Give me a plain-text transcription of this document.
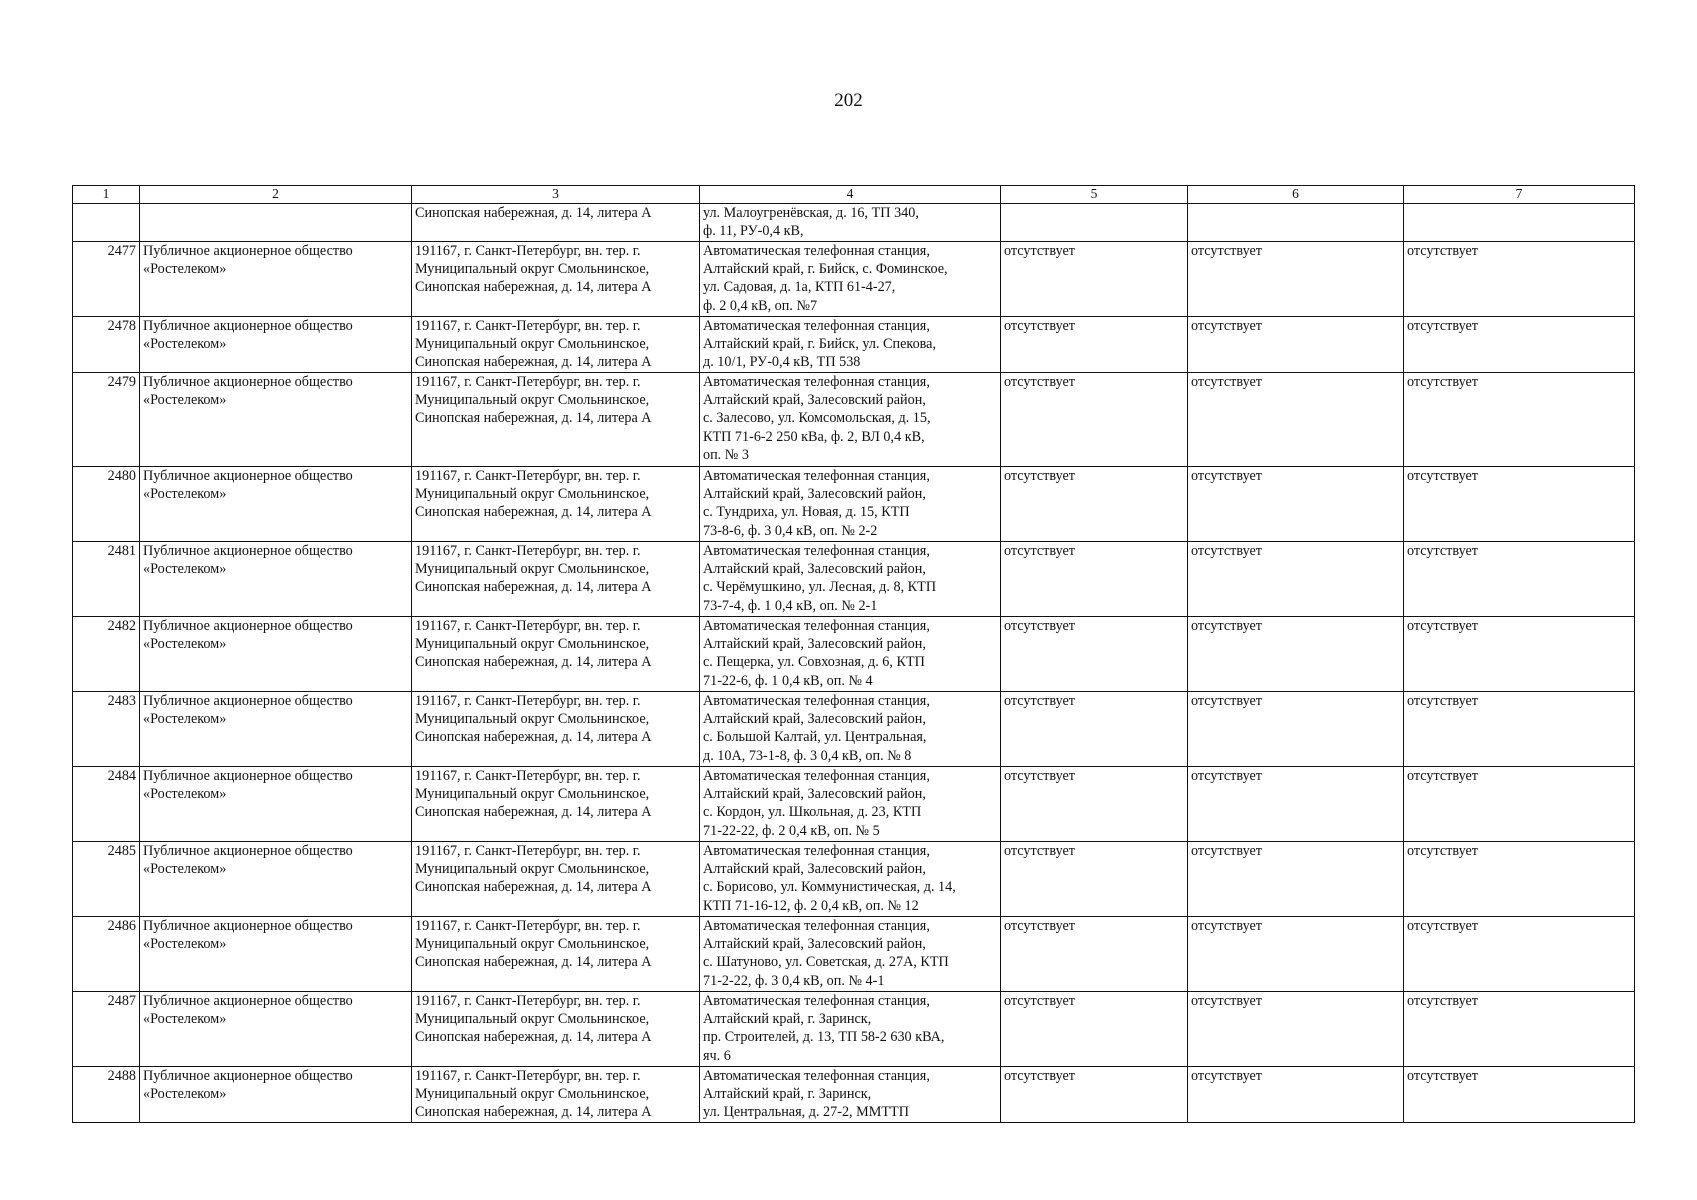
202
1	2	3	4	5	6	7

		Синопская набережная, д. 14, литера А	ул. Малоугренёвская, д. 16, ТП 340,
ф. 11, РУ-0,4 кВ,			

2477	Публичное акционерное общество
«Ростелеком»	191167, г. Санкт-Петербург, вн. тер. г.
Муниципальный округ Смольнинское,
Синопская набережная, д. 14, литера А	Автоматическая телефонная станция,
Алтайский край, г. Бийск, с. Фоминское,
ул. Садовая, д. 1а, КТП 61-4-27,
ф. 2 0,4 кВ, оп. №7	отсутствует	отсутствует	отсутствует

2478	Публичное акционерное общество
«Ростелеком»	191167, г. Санкт-Петербург, вн. тер. г.
Муниципальный округ Смольнинское,
Синопская набережная, д. 14, литера А	Автоматическая телефонная станция,
Алтайский край, г. Бийск, ул. Спекова,
д. 10/1, РУ-0,4 кВ, ТП 538	отсутствует	отсутствует	отсутствует

2479	Публичное акционерное общество
«Ростелеком»	191167, г. Санкт-Петербург, вн. тер. г.
Муниципальный округ Смольнинское,
Синопская набережная, д. 14, литера А	Автоматическая телефонная станция,
Алтайский край, Залесовский район,
с. Залесово, ул. Комсомольская, д. 15,
КТП 71-6-2 250 кВа, ф. 2, ВЛ 0,4 кВ,
оп. № 3	отсутствует	отсутствует	отсутствует

2480	Публичное акционерное общество
«Ростелеком»	191167, г. Санкт-Петербург, вн. тер. г.
Муниципальный округ Смольнинское,
Синопская набережная, д. 14, литера А	Автоматическая телефонная станция,
Алтайский край, Залесовский район,
с. Тундриха, ул. Новая, д. 15, КТП
73-8-6, ф. 3 0,4 кВ, оп. № 2-2	отсутствует	отсутствует	отсутствует

2481	Публичное акционерное общество
«Ростелеком»	191167, г. Санкт-Петербург, вн. тер. г.
Муниципальный округ Смольнинское,
Синопская набережная, д. 14, литера А	Автоматическая телефонная станция,
Алтайский край, Залесовский район,
с. Черёмушкино, ул. Лесная, д. 8, КТП
73-7-4, ф. 1 0,4 кВ, оп. № 2-1	отсутствует	отсутствует	отсутствует

2482	Публичное акционерное общество
«Ростелеком»	191167, г. Санкт-Петербург, вн. тер. г.
Муниципальный округ Смольнинское,
Синопская набережная, д. 14, литера А	Автоматическая телефонная станция,
Алтайский край, Залесовский район,
с. Пещерка, ул. Совхозная, д. 6, КТП
71-22-6, ф. 1 0,4 кВ, оп. № 4	отсутствует	отсутствует	отсутствует

2483	Публичное акционерное общество
«Ростелеком»	191167, г. Санкт-Петербург, вн. тер. г.
Муниципальный округ Смольнинское,
Синопская набережная, д. 14, литера А	Автоматическая телефонная станция,
Алтайский край, Залесовский район,
с. Большой Калтай, ул. Центральная,
д. 10А, 73-1-8, ф. 3 0,4 кВ, оп. № 8	отсутствует	отсутствует	отсутствует

2484	Публичное акционерное общество
«Ростелеком»	191167, г. Санкт-Петербург, вн. тер. г.
Муниципальный округ Смольнинское,
Синопская набережная, д. 14, литера А	Автоматическая телефонная станция,
Алтайский край, Залесовский район,
с. Кордон, ул. Школьная, д. 23, КТП
71-22-22, ф. 2 0,4 кВ, оп. № 5	отсутствует	отсутствует	отсутствует

2485	Публичное акционерное общество
«Ростелеком»	191167, г. Санкт-Петербург, вн. тер. г.
Муниципальный округ Смольнинское,
Синопская набережная, д. 14, литера А	Автоматическая телефонная станция,
Алтайский край, Залесовский район,
с. Борисово, ул. Коммунистическая, д. 14,
КТП 71-16-12, ф. 2 0,4 кВ, оп. № 12	отсутствует	отсутствует	отсутствует

2486	Публичное акционерное общество
«Ростелеком»	191167, г. Санкт-Петербург, вн. тер. г.
Муниципальный округ Смольнинское,
Синопская набережная, д. 14, литера А	Автоматическая телефонная станция,
Алтайский край, Залесовский район,
с. Шатуново, ул. Советская, д. 27А, КТП
71-2-22, ф. 3 0,4 кВ, оп. № 4-1	отсутствует	отсутствует	отсутствует

2487	Публичное акционерное общество
«Ростелеком»	191167, г. Санкт-Петербург, вн. тер. г.
Муниципальный округ Смольнинское,
Синопская набережная, д. 14, литера А	Автоматическая телефонная станция,
Алтайский край, г. Заринск,
пр. Строителей, д. 13, ТП 58-2 630 кВА,
яч. 6	отсутствует	отсутствует	отсутствует

2488	Публичное акционерное общество
«Ростелеком»	191167, г. Санкт-Петербург, вн. тер. г.
Муниципальный округ Смольнинское,
Синопская набережная, д. 14, литера А	Автоматическая телефонная станция,
Алтайский край, г. Заринск,
ул. Центральная, д. 27-2, ММТТП	отсутствует	отсутствует	отсутствует
